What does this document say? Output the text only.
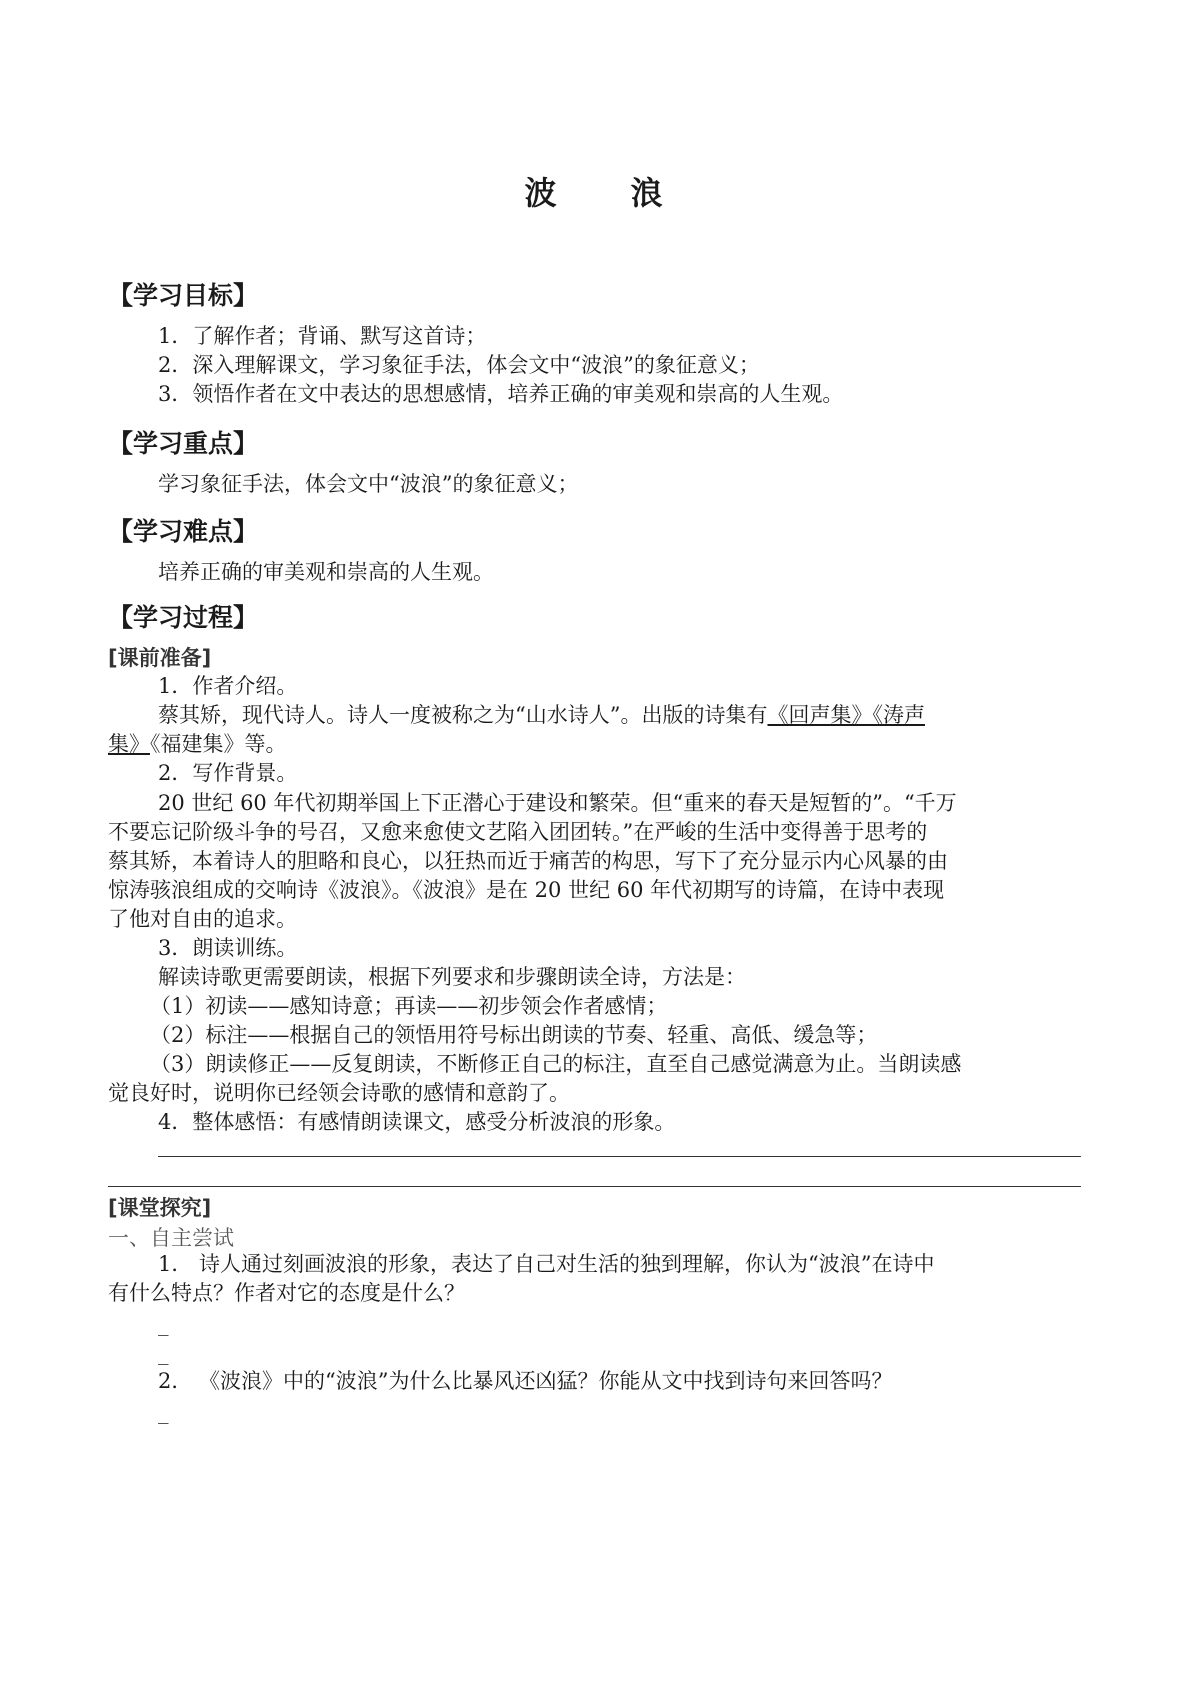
波 浪
【学习目标】
1．了解作者；背诵、默写这首诗；
2．深入理解课文，学习象征手法，体会文中“波浪”的象征意义；
3．领悟作者在文中表达的思想感情，培养正确的审美观和崇高的人生观。
【学习重点】
学习象征手法，体会文中“波浪”的象征意义；
【学习难点】
培养正确的审美观和崇高的人生观。
【学习过程】
[课前准备]
1．作者介绍。
蔡其矫，现代诗人。诗人一度被称之为“山水诗人”。出版的诗集有《回声集》《涛声
集》《福建集》等。
2．写作背景。
20 世纪 60 年代初期举国上下正潜心于建设和繁荣。但“重来的春天是短暂的”。“千万
不要忘记阶级斗争的号召，又愈来愈使文艺陷入团团转。”在严峻的生活中变得善于思考的
蔡其矫，本着诗人的胆略和良心，以狂热而近于痛苦的构思，写下了充分显示内心风暴的由
惊涛骇浪组成的交响诗《波浪》。《波浪》是在 20 世纪 60 年代初期写的诗篇，在诗中表现
了他对自由的追求。
3．朗读训练。
解读诗歌更需要朗读，根据下列要求和步骤朗读全诗，方法是：
（1）初读——感知诗意；再读——初步领会作者感情；
（2）标注——根据自己的领悟用符号标出朗读的节奏、轻重、高低、缓急等；
（3）朗读修正——反复朗读，不断修正自己的标注，直至自己感觉满意为止。当朗读感
觉良好时，说明你已经领会诗歌的感情和意韵了。
4．整体感悟：有感情朗读课文，感受分析波浪的形象。
[课堂探究]
一、自主尝试
1． 诗人通过刻画波浪的形象，表达了自己对生活的独到理解，你认为“波浪”在诗中
有什么特点？作者对它的态度是什么？
_
_
2． 《波浪》中的“波浪”为什么比暴风还凶猛？你能从文中找到诗句来回答吗？
_
